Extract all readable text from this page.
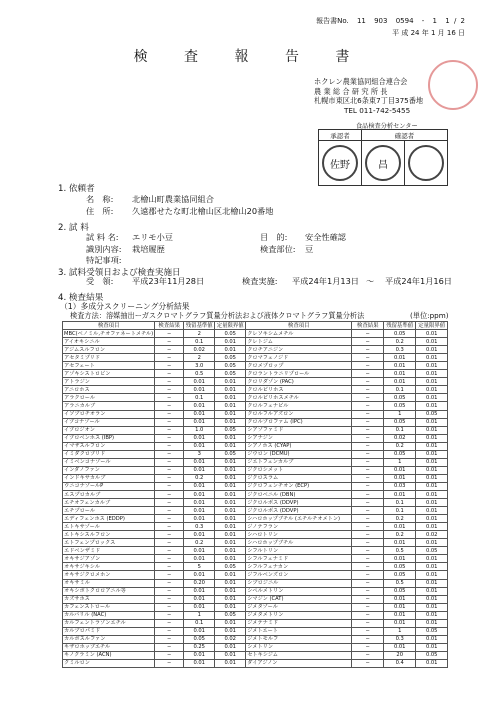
報告書No. 11 903 0594 - 1 1 / 2
平 成 24 年 1 月 16 日
検 査 報 告 書
ホクレン農業協同組合連合会
農 業 総 合 研 究 所 長
札幌市東区北6条東7丁目375番地
TEL 011-742-5455
食品検査分析センター
承認者	確認者	

佐 野	昌	

1. 依頼者
名　称: 北檜山町農業協同組合
住　所: 久遠郡せたな町北檜山区北檜山20番地
2. 試 料
試 料 名: エリモ小豆	目　的: 安全性確認
識別内容: 栽培履歴	検査部位: 豆
特記事項:
3. 試料受領日および検査実施日
受　領: 平成23年11月28日	検査実施: 平成24年1月13日 〜 平成24年1月16日
4. 検査結果
（1）多成分スクリーニング分析結果
検査方法：溶媒抽出ーガスクロマトグラフ質量分析法および液体クロマトグラフ質量分析法	(単位:ppm)
検査項目	検査結果	残留基準値	定量限界値	検査項目	検査結果	残留基準値	定量限界値
MBC(ベノミル,チオファネートメチル)	−	2	0.05	クレソキシムメチル	−	0.05	0.01
アイオキシニル	−	0.1	0.01	クレトジム	−	0.2	0.01
アジムスルフロン	−	0.02	0.01	クロチアニジン	−	0.3	0.01
アセタミプリド	−	2	0.05	クロマフェノジド	−	0.01	0.01
アセフェート	−	3.0	0.05	クロメプロップ	−	0.01	0.01
アゾキシストロビン	−	0.5	0.05	クロラントラニリプロール	−	0.01	0.01
アトラジン	−	0.01	0.01	クロリダゾン (PAC)	−	0.01	0.01
アニロホス	−	0.01	0.01	クロルピリホス	−	0.1	0.01
アラクロール	−	0.1	0.01	クロルピリホスメチル	−	0.05	0.01
アラニカルブ	−	0.01	0.01	クロルフェナピル	−	0.05	0.01
イソプロチオラン	−	0.01	0.01	クロルフルアズロン	−	1	0.05
イプコナゾール	−	0.01	0.01	クロルプロファム (IPC)	−	0.05	0.01
イプロジオン	−	1.0	0.05	シアゾファミド	−	0.1	0.01
イプロベンホス (IBP)	−	0.01	0.01	シアナジン	−	0.02	0.01
イマザスルフロン	−	0.01	0.01	シアノホス (CYAP)	−	0.2	0.01
イミダクロプリド	−	3	0.05	ジウロン (DCMU)	−	0.05	0.01
イミベンコナゾール	−	0.01	0.01	ジエトフェンカルブ	−	1	0.01
インダノファン	−	0.01	0.01	ジクロシメット	−	0.01	0.01
インドキサカルブ	−	0.2	0.01	ジクロスラム	−	0.01	0.01
ウニコナゾールP	−	0.01	0.01	ジクロフェンチオン (ECP)	−	0.03	0.01
エスプロカルブ	−	0.01	0.01	ジクロベニル (DBN)	−	0.01	0.01
エチオフェンカルブ	−	0.01	0.01	ジクロルボス (DDVP)	−	0.1	0.01
エチプロール	−	0.01	0.01	ジクロルボス (DDVP)	−	0.1	0.01
エディフェンホス (EDDP)	−	0.01	0.01	シハロホップブチル (エチルチオメトン)	−	0.2	0.01
エトキサゾール	−	0.3	0.01	ジノテフラン	−	0.01	0.01
エトキシスルフロン	−	0.01	0.01	シハロトリン	−	0.2	0.02
エトフェンプロックス	−	0.2	0.01	シハロホップブチル	−	0.01	0.01
エドベンザミド	−	0.01	0.01	シフルトリン	−	0.5	0.05
オキサジアゾン	−	0.01	0.01	シフルフェナミド	−	0.01	0.01
オキサジキシル	−	5	0.05	シフルフェナカン	−	0.05	0.01
オキサジクロメホン	−	0.01	0.01	ジフルベンズロン	−	0.05	0.01
オキサミル	−	0.20	0.01	シプロジニル	−	0.5	0.01
オキシボトクロロアニル等	−	0.01	0.01	シペルメトリン	−	0.05	0.01
カズサホス	−	0.01	0.01	シマジン (CAT)	−	0.01	0.01
カフェンストロール	−	0.01	0.01	ジメタゾール	−	0.01	0.01
カルバリル (NAC)	−	1	0.05	ジメタメトリン	−	0.01	0.01
カルフェントラゾンエチル	−	0.1	0.01	ジメテナミド	−	0.01	0.01
カルプロパミド	−	0.01	0.01	ジメトエート	−	1	0.05
カルボスルファン	−	0.05	0.02	ジメトモルフ	−	0.3	0.01
キザロホップエチル	−	0.25	0.01	シメトリン	−	0.01	0.01
キノクラミン (ACN)	−	0.01	0.01	セトキシジム	−	20	0.05
クミルロン	−	0.01	0.01	ダイアジノン	−	0.4	0.01
